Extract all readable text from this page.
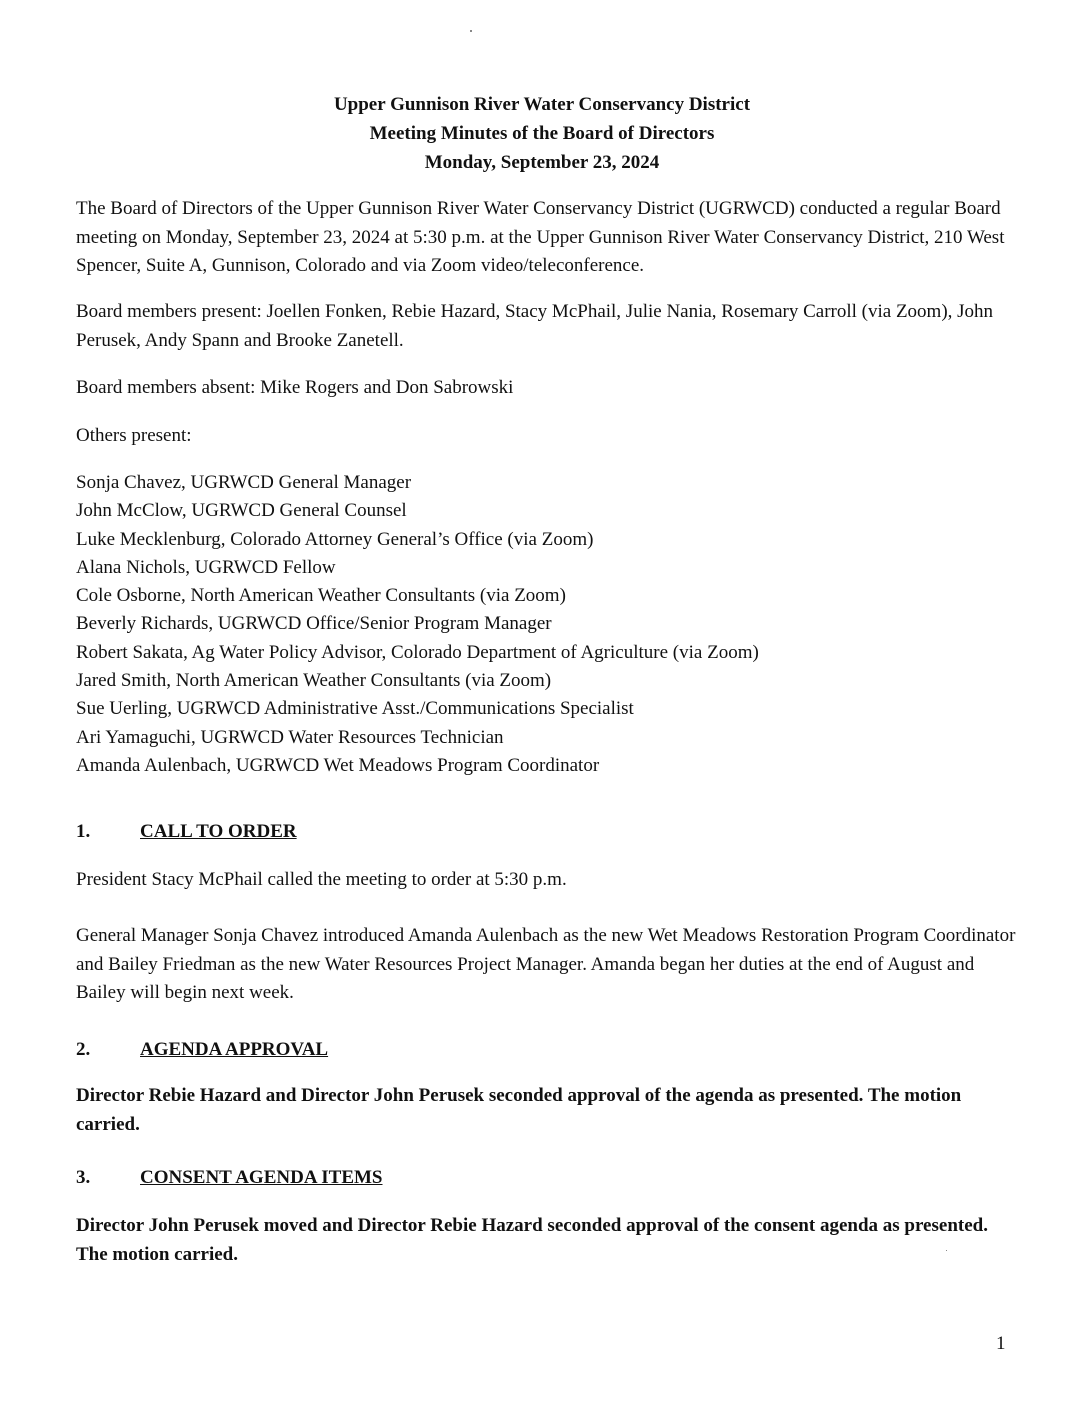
Upper Gunnison River Water Conservancy District
Meeting Minutes of the Board of Directors
Monday, September 23, 2024

The Board of Directors of the Upper Gunnison River Water Conservancy District (UGRWCD) conducted a regular Board meeting on Monday, September 23, 2024 at 5:30 p.m. at the Upper Gunnison River Water Conservancy District, 210 West Spencer, Suite A, Gunnison, Colorado and via Zoom video/teleconference.

Board members present: Joellen Fonken, Rebie Hazard, Stacy McPhail, Julie Nania, Rosemary Carroll (via Zoom), John Perusek, Andy Spann and Brooke Zanetell.

Board members absent: Mike Rogers and Don Sabrowski

Others present:

Sonja Chavez, UGRWCD General Manager
John McClow, UGRWCD General Counsel
Luke Mecklenburg, Colorado Attorney General’s Office (via Zoom)
Alana Nichols, UGRWCD Fellow
Cole Osborne, North American Weather Consultants (via Zoom)
Beverly Richards, UGRWCD Office/Senior Program Manager
Robert Sakata, Ag Water Policy Advisor, Colorado Department of Agriculture (via Zoom)
Jared Smith, North American Weather Consultants (via Zoom)
Sue Uerling, UGRWCD Administrative Asst./Communications Specialist
Ari Yamaguchi, UGRWCD Water Resources Technician
Amanda Aulenbach, UGRWCD Wet Meadows Program Coordinator
1.	CALL TO ORDER

President Stacy McPhail called the meeting to order at 5:30 p.m.

General Manager Sonja Chavez introduced Amanda Aulenbach as the new Wet Meadows Restoration Program Coordinator and Bailey Friedman as the new Water Resources Project Manager. Amanda began her duties at the end of August and Bailey will begin next week.

2.	AGENDA APPROVAL

Director Rebie Hazard and Director John Perusek seconded approval of the agenda as presented. The motion carried.

3.	CONSENT AGENDA ITEMS

Director John Perusek moved and Director Rebie Hazard seconded approval of the consent agenda as presented. The motion carried.

1
